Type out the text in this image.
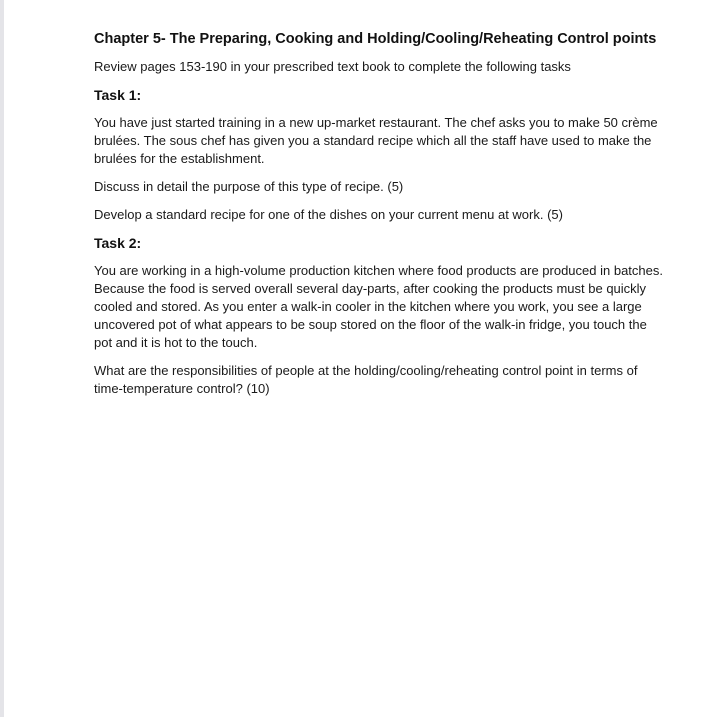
Chapter 5- The Preparing, Cooking and Holding/Cooling/Reheating Control points
Review pages 153-190 in your prescribed text book to complete the following tasks
Task 1:
You have just started training in a new up-market restaurant. The chef asks you to make 50 crème brulées. The sous chef has given you a standard recipe which all the staff have used to make the brulées for the establishment.
Discuss in detail the purpose of this type of recipe. (5)
Develop a standard recipe for one of the dishes on your current menu at work. (5)
Task 2:
You are working in a high-volume production kitchen where food products are produced in batches. Because the food is served overall several day-parts, after cooking the products must be quickly cooled and stored. As you enter a walk-in cooler in the kitchen where you work, you see a large uncovered pot of what appears to be soup stored on the floor of the walk-in fridge, you touch the pot and it is hot to the touch.
What are the responsibilities of people at the holding/cooling/reheating control point in terms of time-temperature control? (10)
